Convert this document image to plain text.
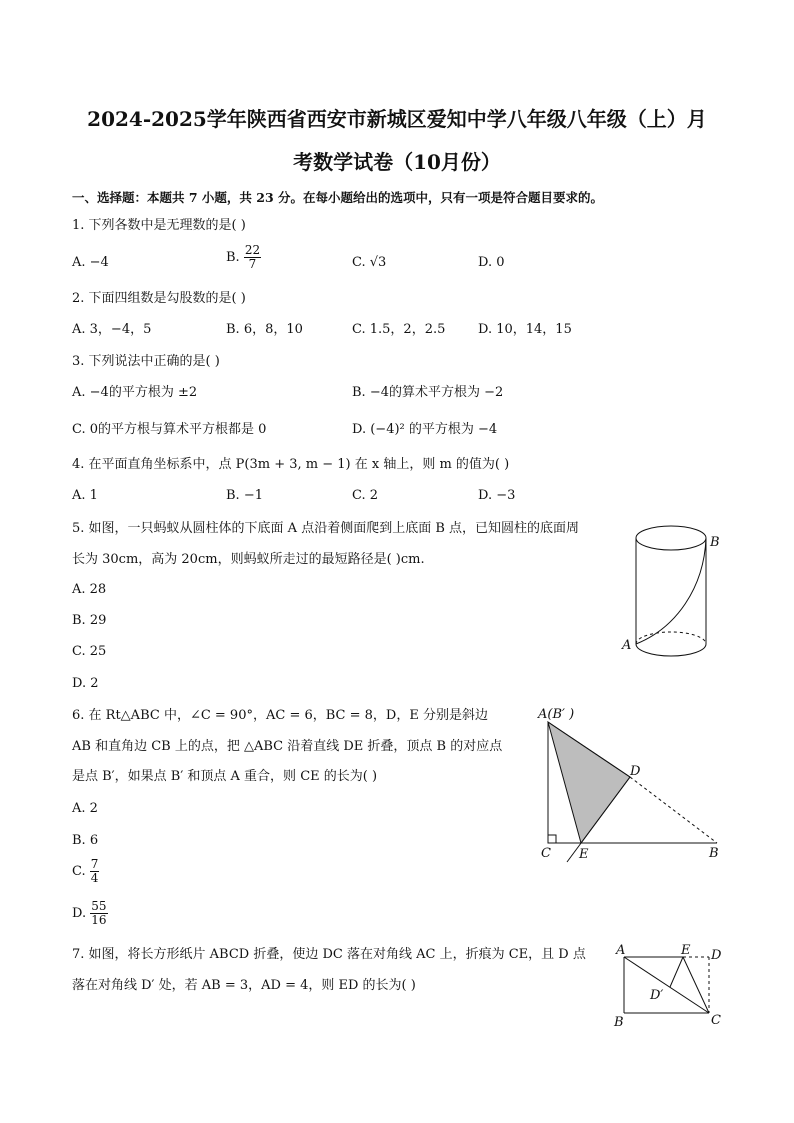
2024-2025学年陕西省西安市新城区爱知中学八年级八年级（上）月
考数学试卷（10月份）
一、选择题：本题共 7 小题，共 23 分。在每小题给出的选项中，只有一项是符合题目要求的。
1. 下列各数中是无理数的是( )
A. −4	B. $\frac{22}{7}$	C. √3	D. 0
2. 下面四组数是勾股数的是( )
A. 3，−4，5	B. 6，8，10	C. 1.5，2，2.5	D. 10，14，15
3. 下列说法中正确的是( )
A. −4的平方根为 ±2	B. −4的算术平方根为 −2
C. 0的平方根与算术平方根都是 0	D. (−4)² 的平方根为 −4
4. 在平面直角坐标系中，点 P(3m + 3, m − 1) 在 x 轴上，则 m 的值为( )
A. 1	B. −1	C. 2	D. −3
5. 如图，一只蚂蚁从圆柱体的下底面 A 点沿着侧面爬到上底面 B 点，已知圆柱的底面周
长为 30cm，高为 20cm，则蚂蚁所走过的最短路径是( )cm.
A. 28
B. 29
C. 25
D. 2
A
B
6. 在 Rt△ABC 中，∠C = 90°，AC = 6，BC = 8，D，E 分别是斜边
AB 和直角边 CB 上的点，把 △ABC 沿着直线 DE 折叠，顶点 B 的对应点
是点 B′，如果点 B′ 和顶点 A 重合，则 CE 的长为( )
A. 2
B. 6
C. $\frac{7}{4}$
D. $\frac{55}{16}$
A(B′ )
D
C E	B
7. 如图，将长方形纸片 ABCD 折叠，使边 DC 落在对角线 AC 上，折痕为 CE，且 D 点
落在对角线 D′ 处，若 AB = 3，AD = 4，则 ED 的长为( )
A	E D
D′
B	C
